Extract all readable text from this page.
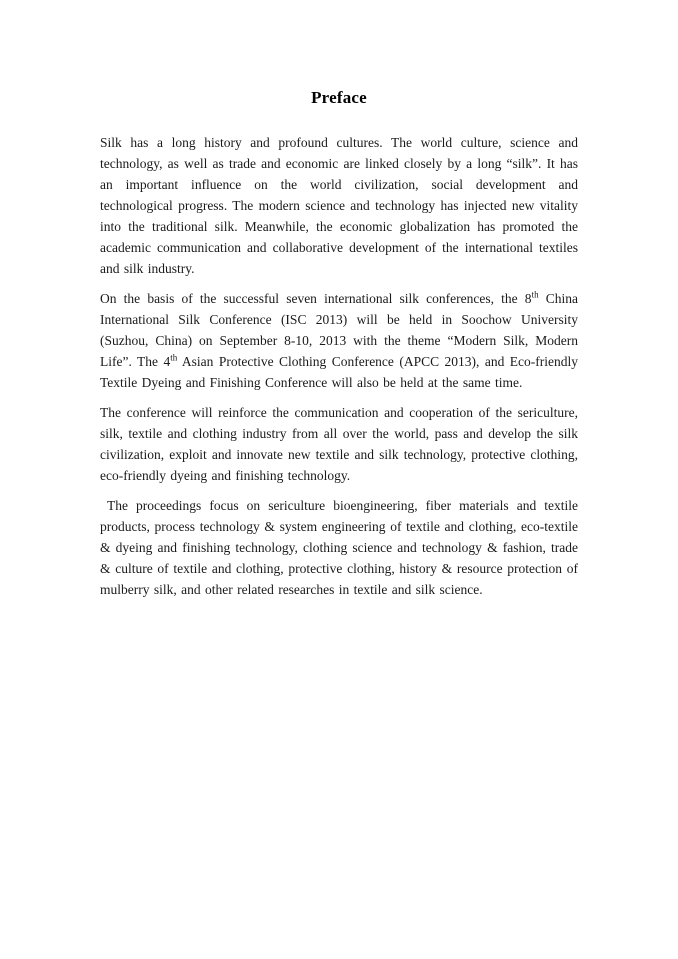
Preface

Silk has a long history and profound cultures. The world culture, science and technology, as well as trade and economic are linked closely by a long “silk”. It has an important influence on the world civilization, social development and technological progress. The modern science and technology has injected new vitality into the traditional silk. Meanwhile, the economic globalization has promoted the academic communication and collaborative development of the international textiles and silk industry.

On the basis of the successful seven international silk conferences, the 8th China International Silk Conference (ISC 2013) will be held in Soochow University (Suzhou, China) on September 8-10, 2013 with the theme “Modern Silk, Modern Life”. The 4th Asian Protective Clothing Conference (APCC 2013), and Eco-friendly Textile Dyeing and Finishing Conference will also be held at the same time.

The conference will reinforce the communication and cooperation of the sericulture, silk, textile and clothing industry from all over the world, pass and develop the silk civilization, exploit and innovate new textile and silk technology, protective clothing, eco-friendly dyeing and finishing technology.

The proceedings focus on sericulture bioengineering, fiber materials and textile products, process technology & system engineering of textile and clothing, eco-textile & dyeing and finishing technology, clothing science and technology & fashion, trade & culture of textile and clothing, protective clothing, history & resource protection of mulberry silk, and other related researches in textile and silk science.
